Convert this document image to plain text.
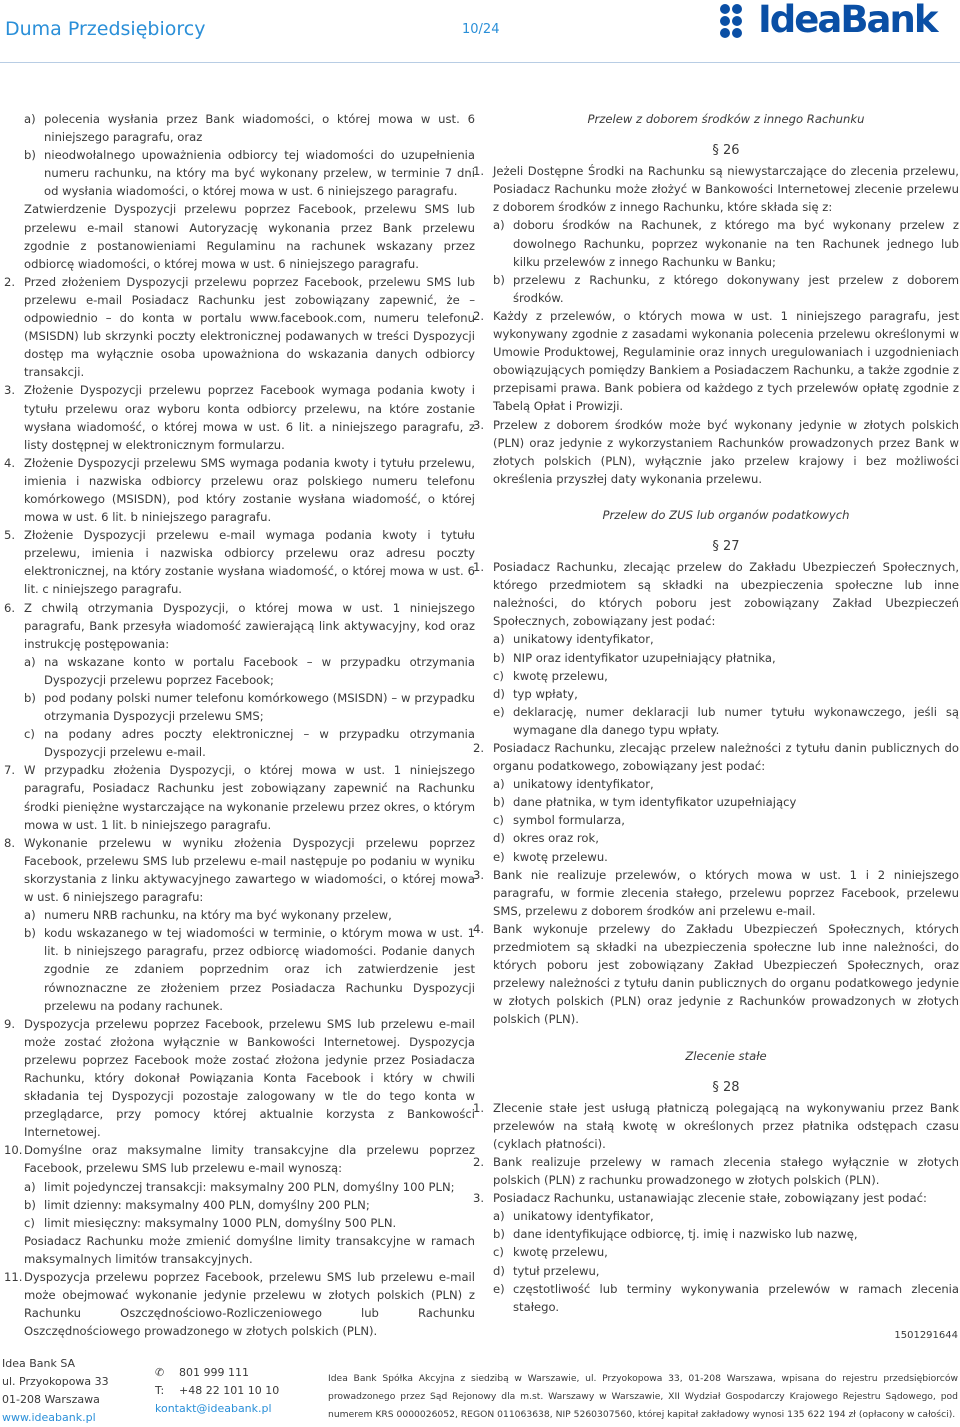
Duma Przedsiębiorcy	10/24	IdeaBank
a) polecenia wysłania przez Bank wiadomości, o której mowa w ust. 6 niniejszego paragrafu, oraz
b) nieodwołalnego upoważnienia odbiorcy tej wiadomości do uzupełnienia numeru rachunku, na który ma być wykonany przelew, w terminie 7 dni od wysłania wiadomości, o której mowa w ust. 6 niniejszego paragrafu.

Zatwierdzenie Dyspozycji przelewu poprzez Facebook, przelewu SMS lub przelewu e-mail stanowi Autoryzację wykonania przez Bank przelewu zgodnie z postanowieniami Regulaminu na rachunek wskazany przez odbiorcę wiadomości, o której mowa w ust. 6 niniejszego paragrafu.

2. Przed złożeniem Dyspozycji przelewu poprzez Facebook, przelewu SMS lub przelewu e-mail Posiadacz Rachunku jest zobowiązany zapewnić, że – odpowiednio – do konta w portalu www.facebook.com, numeru telefonu (MSISDN) lub skrzynki poczty elektronicznej podawanych w treści Dyspozycji dostęp ma wyłącznie osoba upoważniona do wskazania danych odbiorcy transakcji.
3. Złożenie Dyspozycji przelewu poprzez Facebook wymaga podania kwoty i tytułu przelewu oraz wyboru konta odbiorcy przelewu, na które zostanie wysłana wiadomość, o której mowa w ust. 6 lit. a niniejszego paragrafu, z listy dostępnej w elektronicznym formularzu.
4. Złożenie Dyspozycji przelewu SMS wymaga podania kwoty i tytułu przelewu, imienia i nazwiska odbiorcy przelewu oraz polskiego numeru telefonu komórkowego (MSISDN), pod który zostanie wysłana wiadomość, o której mowa w ust. 6 lit. b niniejszego paragrafu.
5. Złożenie Dyspozycji przelewu e-mail wymaga podania kwoty i tytułu przelewu, imienia i nazwiska odbiorcy przelewu oraz adresu poczty elektronicznej, na który zostanie wysłana wiadomość, o której mowa w ust. 6 lit. c niniejszego paragrafu.
6. Z chwilą otrzymania Dyspozycji, o której mowa w ust. 1 niniejszego paragrafu, Bank przesyła wiadomość zawierającą link aktywacyjny, kod oraz instrukcję postępowania:
a) na wskazane konto w portalu Facebook – w przypadku otrzymania Dyspozycji przelewu poprzez Facebook;
b) pod podany polski numer telefonu komórkowego (MSISDN) – w przypadku otrzymania Dyspozycji przelewu SMS;
c) na podany adres poczty elektronicznej – w przypadku otrzymania Dyspozycji przelewu e-mail.
7. W przypadku złożenia Dyspozycji, o której mowa w ust. 1 niniejszego paragrafu, Posiadacz Rachunku jest zobowiązany zapewnić na Rachunku środki pieniężne wystarczające na wykonanie przelewu przez okres, o którym mowa w ust. 1 lit. b niniejszego paragrafu.
8. Wykonanie przelewu w wyniku złożenia Dyspozycji przelewu poprzez Facebook, przelewu SMS lub przelewu e-mail następuje po podaniu w wyniku skorzystania z linku aktywacyjnego zawartego w wiadomości, o której mowa w ust. 6 niniejszego paragrafu:
a) numeru NRB rachunku, na który ma być wykonany przelew,
b) kodu wskazanego w tej wiadomości w terminie, o którym mowa w ust. 1 lit. b niniejszego paragrafu, przez odbiorcę wiadomości. Podanie danych zgodnie ze zdaniem poprzednim oraz ich zatwierdzenie jest równoznaczne ze złożeniem przez Posiadacza Rachunku Dyspozycji przelewu na podany rachunek.
9. Dyspozycja przelewu poprzez Facebook, przelewu SMS lub przelewu e-mail może zostać złożona wyłącznie w Bankowości Internetowej. Dyspozycja przelewu poprzez Facebook może zostać złożona jedynie przez Posiadacza Rachunku, który dokonał Powiązania Konta Facebook i który w chwili składania tej Dyspozycji pozostaje zalogowany w tle do tego konta w przeglądarce, przy pomocy której aktualnie korzysta z Bankowości Internetowej.
10. Domyślne oraz maksymalne limity transakcyjne dla przelewu poprzez Facebook, przelewu SMS lub przelewu e-mail wynoszą:
a) limit pojedynczej transakcji: maksymalny 200 PLN, domyślny 100 PLN;
b) limit dzienny: maksymalny 400 PLN, domyślny 200 PLN;
c) limit miesięczny: maksymalny 1000 PLN, domyślny 500 PLN.

Posiadacz Rachunku może zmienić domyślne limity transakcyjne w ramach maksymalnych limitów transakcyjnych.

11. Dyspozycja przelewu poprzez Facebook, przelewu SMS lub przelewu e-mail może obejmować wykonanie jedynie przelewu w złotych polskich (PLN) z Rachunku Oszczędnościowo-Rozliczeniowego lub Rachunku Oszczędnościowego prowadzonego w złotych polskich (PLN).

Przelew z doborem środków z innego Rachunku

§ 26

1. Jeżeli Dostępne Środki na Rachunku są niewystarczające do zlecenia przelewu, Posiadacz Rachunku może złożyć w Bankowości Internetowej zlecenie przelewu z doborem środków z innego Rachunku, które składa się z:
a) doboru środków na Rachunek, z którego ma być wykonany przelew z dowolnego Rachunku, poprzez wykonanie na ten Rachunek jednego lub kilku przelewów z innego Rachunku w Banku;
b) przelewu z Rachunku, z którego dokonywany jest przelew z doborem środków.
2. Każdy z przelewów, o których mowa w ust. 1 niniejszego paragrafu, jest wykonywany zgodnie z zasadami wykonania polecenia przelewu określonymi w Umowie Produktowej, Regulaminie oraz innych uregulowaniach i uzgodnieniach obowiązujących pomiędzy Bankiem a Posiadaczem Rachunku, a także zgodnie z przepisami prawa. Bank pobiera od każdego z tych przelewów opłatę zgodnie z Tabelą Opłat i Prowizji.
3. Przelew z doborem środków może być wykonany jedynie w złotych polskich (PLN) oraz jedynie z wykorzystaniem Rachunków prowadzonych przez Bank w złotych polskich (PLN), wyłącznie jako przelew krajowy i bez możliwości określenia przyszłej daty wykonania przelewu.

Przelew do ZUS lub organów podatkowych

§ 27

1. Posiadacz Rachunku, zlecając przelew do Zakładu Ubezpieczeń Społecznych, którego przedmiotem są składki na ubezpieczenia społeczne lub inne należności, do których poboru jest zobowiązany Zakład Ubezpieczeń Społecznych, zobowiązany jest podać:
a) unikatowy identyfikator,
b) NIP oraz identyfikator uzupełniający płatnika,
c) kwotę przelewu,
d) typ wpłaty,
e) deklarację, numer deklaracji lub numer tytułu wykonawczego, jeśli są wymagane dla danego typu wpłaty.
2. Posiadacz Rachunku, zlecając przelew należności z tytułu danin publicznych do organu podatkowego, zobowiązany jest podać:
a) unikatowy identyfikator,
b) dane płatnika, w tym identyfikator uzupełniający
c) symbol formularza,
d) okres oraz rok,
e) kwotę przelewu.
3. Bank nie realizuje przelewów, o których mowa w ust. 1 i 2 niniejszego paragrafu, w formie zlecenia stałego, przelewu poprzez Facebook, przelewu SMS, przelewu z doborem środków ani przelewu e-mail.
4. Bank wykonuje przelewy do Zakładu Ubezpieczeń Społecznych, których przedmiotem są składki na ubezpieczenia społeczne lub inne należności, do których poboru jest zobowiązany Zakład Ubezpieczeń Społecznych, oraz przelewy należności z tytułu danin publicznych do organu podatkowego jedynie w złotych polskich (PLN) oraz jedynie z Rachunków prowadzonych w złotych polskich (PLN).

Zlecenie stałe

§ 28

1. Zlecenie stałe jest usługą płatniczą polegającą na wykonywaniu przez Bank przelewów na stałą kwotę w określonych przez płatnika odstępach czasu (cyklach płatności).
2. Bank realizuje przelewy w ramach zlecenia stałego wyłącznie w złotych polskich (PLN) z rachunku prowadzonego w złotych polskich (PLN).
3. Posiadacz Rachunku, ustanawiając zlecenie stałe, zobowiązany jest podać:
a) unikatowy identyfikator,
b) dane identyfikujące odbiorcę, tj. imię i nazwisko lub nazwę,
c) kwotę przelewu,
d) tytuł przelewu,
e) częstotliwość lub terminy wykonywania przelewów w ramach zlecenia stałego.
1501291644
Idea Bank SA
ul. Przyokopowa 33
01-208 Warszawa
www.ideabank.pl
✆ 801 999 111
T: +48 22 101 10 10
kontakt@ideabank.pl
Idea Bank Spółka Akcyjna z siedzibą w Warszawie, ul. Przyokopowa 33, 01-208 Warszawa, wpisana do rejestru przedsiębiorców prowadzonego przez Sąd Rejonowy dla m.st. Warszawy w Warszawie, XII Wydział Gospodarczy Krajowego Rejestru Sądowego, pod numerem KRS 0000026052, REGON 011063638, NIP 5260307560, której kapitał zakładowy wynosi 135 622 194 zł (opłacony w całości).
